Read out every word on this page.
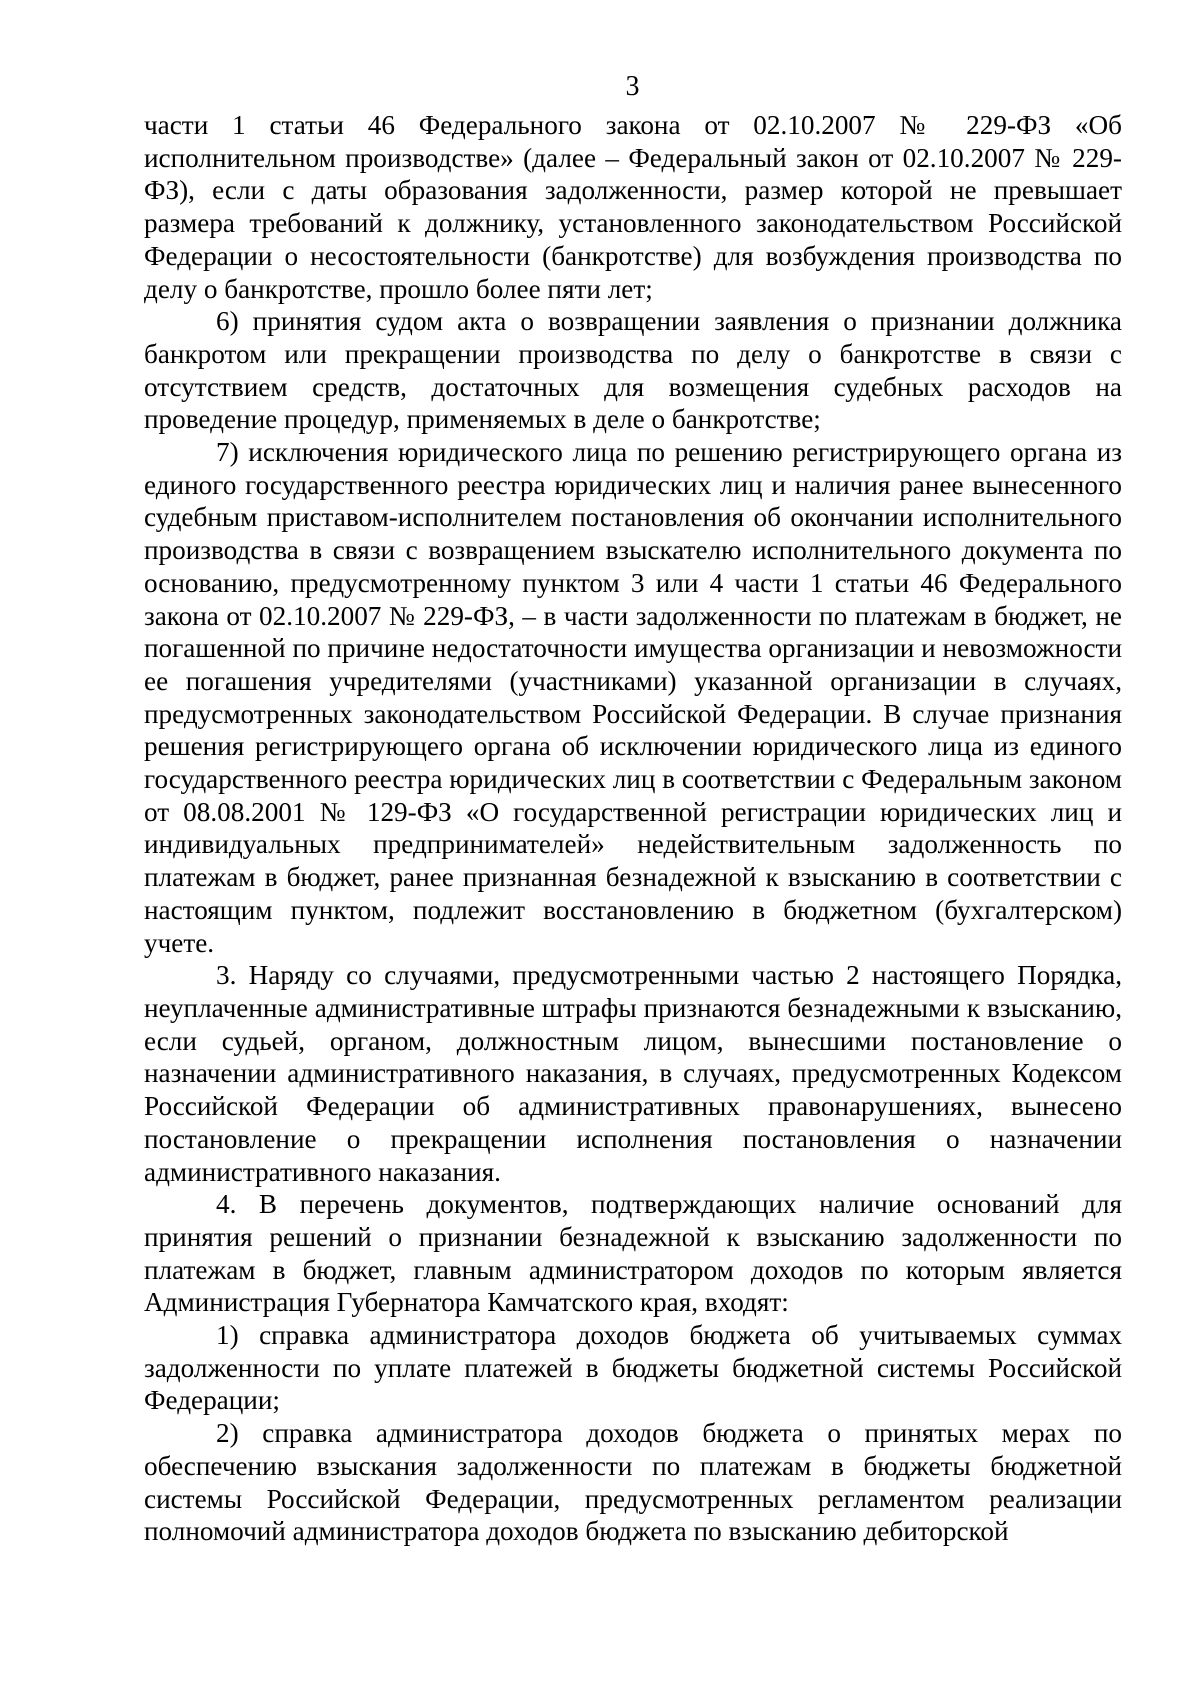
3

части 1 статьи 46 Федерального закона от 02.10.2007 № 229-ФЗ «Об исполнительном производстве» (далее – Федеральный закон от 02.10.2007 № 229-ФЗ), если с даты образования задолженности, размер которой не превышает размера требований к должнику, установленного законодательством Российской Федерации о несостоятельности (банкротстве) для возбуждения производства по делу о банкротстве, прошло более пяти лет;

6) принятия судом акта о возвращении заявления о признании должника банкротом или прекращении производства по делу о банкротстве в связи с отсутствием средств, достаточных для возмещения судебных расходов на проведение процедур, применяемых в деле о банкротстве;

7) исключения юридического лица по решению регистрирующего органа из единого государственного реестра юридических лиц и наличия ранее вынесенного судебным приставом-исполнителем постановления об окончании исполнительного производства в связи с возвращением взыскателю исполнительного документа по основанию, предусмотренному пунктом 3 или 4 части 1 статьи 46 Федерального закона от 02.10.2007 № 229-ФЗ, – в части задолженности по платежам в бюджет, не погашенной по причине недостаточности имущества организации и невозможности ее погашения учредителями (участниками) указанной организации в случаях, предусмотренных законодательством Российской Федерации. В случае признания решения регистрирующего органа об исключении юридического лица из единого государственного реестра юридических лиц в соответствии с Федеральным законом от 08.08.2001 № 129-ФЗ «О государственной регистрации юридических лиц и индивидуальных предпринимателей» недействительным задолженность по платежам в бюджет, ранее признанная безнадежной к взысканию в соответствии с настоящим пунктом, подлежит восстановлению в бюджетном (бухгалтерском) учете.

3. Наряду со случаями, предусмотренными частью 2 настоящего Порядка, неуплаченные административные штрафы признаются безнадежными к взысканию, если судьей, органом, должностным лицом, вынесшими постановление о назначении административного наказания, в случаях, предусмотренных Кодексом Российской Федерации об административных правонарушениях, вынесено постановление о прекращении исполнения постановления о назначении административного наказания.

4. В перечень документов, подтверждающих наличие оснований для принятия решений о признании безнадежной к взысканию задолженности по платежам в бюджет, главным администратором доходов по которым является Администрация Губернатора Камчатского края, входят:

1) справка администратора доходов бюджета об учитываемых суммах задолженности по уплате платежей в бюджеты бюджетной системы Российской Федерации;

2) справка администратора доходов бюджета о принятых мерах по обеспечению взыскания задолженности по платежам в бюджеты бюджетной системы Российской Федерации, предусмотренных регламентом реализации полномочий администратора доходов бюджета по взысканию дебиторской
